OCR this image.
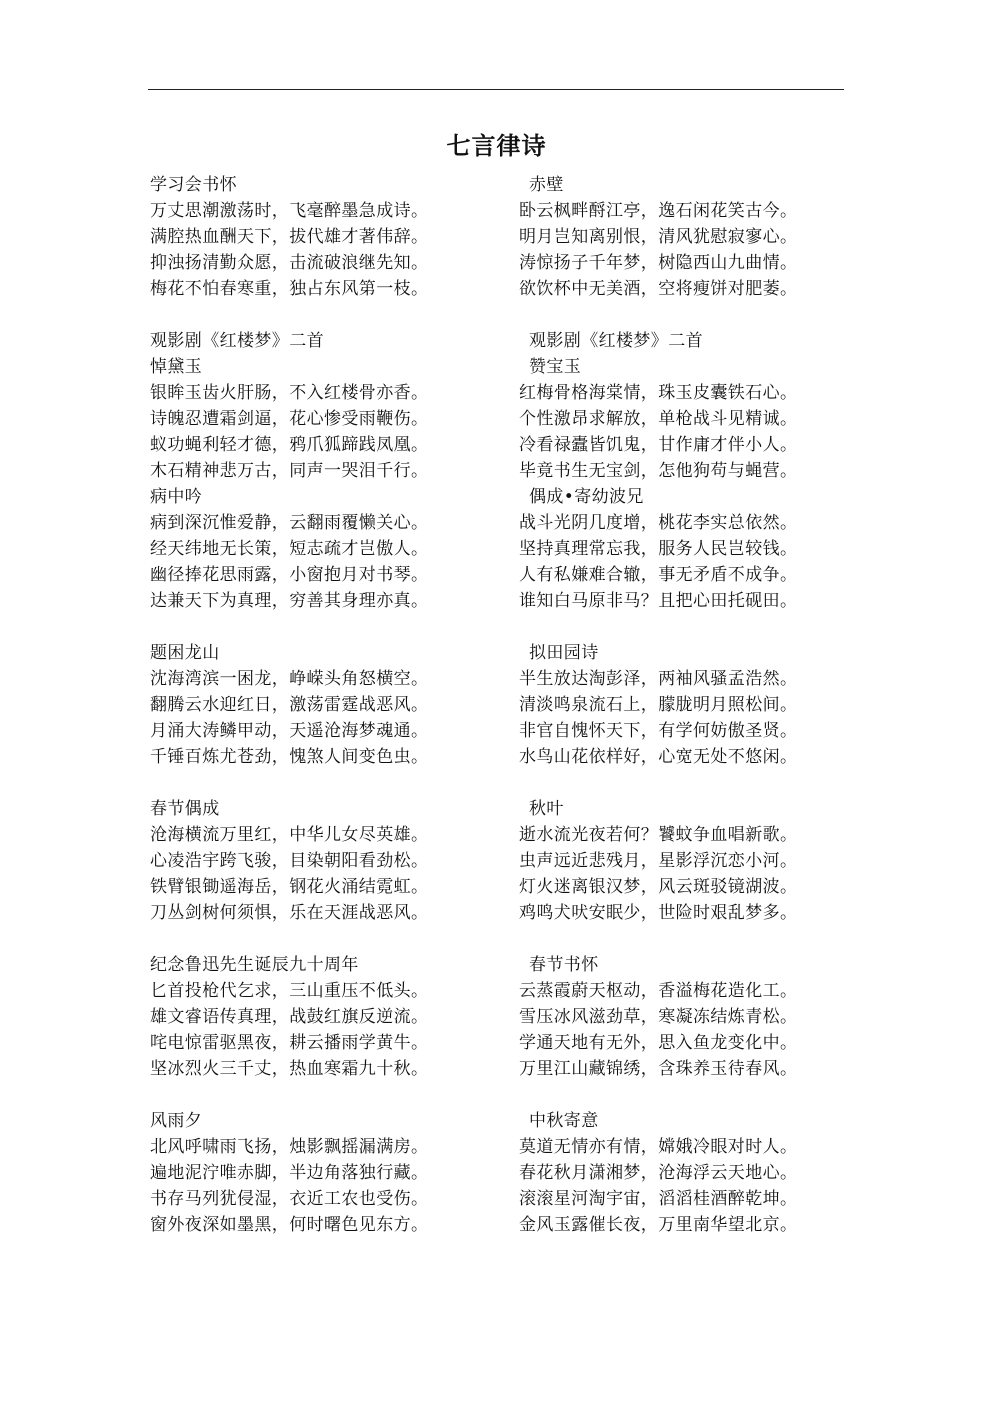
七言律诗
学习会书怀
万丈思潮激荡时，飞毫醉墨急成诗。
满腔热血酬天下，拔代雄才著伟辞。
抑浊扬清勤众愿，击流破浪继先知。
梅花不怕春寒重，独占东风第一枝。
观影剧《红楼梦》二首
悼黛玉
银眸玉齿火肝肠，不入红楼骨亦香。
诗魄忍遭霜剑逼，花心惨受雨鞭伤。
蚁功蝇利轻才德，鸦爪狐蹄践凤凰。
木石精神悲万古，同声一哭泪千行。
病中吟
病到深沉惟爱静，云翻雨覆懒关心。
经天纬地无长策，短志疏才岂傲人。
幽径捧花思雨露，小窗抱月对书琴。
达兼天下为真理，穷善其身理亦真。
题困龙山
沈海湾滨一困龙，峥嵘头角怒横空。
翻腾云水迎红日，激荡雷霆战恶风。
月涌大涛鳞甲动，天遥沧海梦魂通。
千锤百炼尤苍劲，愧煞人间变色虫。
春节偶成
沧海横流万里红，中华儿女尽英雄。
心凌浩宇跨飞骏，目染朝阳看劲松。
铁臂银锄遥海岳，钢花火涌结霓虹。
刀丛剑树何须惧，乐在天涯战恶风。
纪念鲁迅先生诞辰九十周年
匕首投枪代乞求，三山重压不低头。
雄文睿语传真理，战鼓红旗反逆流。
咤电惊雷驱黑夜，耕云播雨学黄牛。
坚冰烈火三千丈，热血寒霜九十秋。
风雨夕
北风呼啸雨飞扬，烛影飘摇漏满房。
遍地泥泞唯赤脚，半边角落独行藏。
书存马列犹侵湿，衣近工农也受伤。
窗外夜深如墨黑，何时曙色见东方。
赤壁
卧云枫畔酹江亭，逸石闲花笑古今。
明月岂知离别恨，清风犹慰寂寥心。
涛惊扬子千年梦，树隐西山九曲情。
欲饮杯中无美酒，空将瘦饼对肥萎。
观影剧《红楼梦》二首
赞宝玉
红梅骨格海棠情，珠玉皮囊铁石心。
个性激昂求解放，单枪战斗见精诚。
冷看禄蠹皆饥鬼，甘作庸才伴小人。
毕竟书生无宝剑，怎他狗苟与蝇营。
偶成•寄幼波兄
战斗光阴几度增，桃花李实总依然。
坚持真理常忘我，服务人民岂较钱。
人有私嫌难合辙，事无矛盾不成争。
谁知白马原非马？且把心田托砚田。
拟田园诗
半生放达淘彭泽，两袖风骚孟浩然。
清淡鸣泉流石上，朦胧明月照松间。
非官自愧怀天下，有学何妨傲圣贤。
水鸟山花依样好，心宽无处不悠闲。
秋叶
逝水流光夜若何？饕蚊争血唱新歌。
虫声远近悲残月，星影浮沉恋小河。
灯火迷离银汉梦，风云斑驳镜湖波。
鸡鸣犬吠安眠少，世险时艰乱梦多。
春节书怀
云蒸霞蔚天枢动，香溢梅花造化工。
雪压冰风滋劲草，寒凝冻结炼青松。
学通天地有无外，思入鱼龙变化中。
万里江山藏锦绣，含珠养玉待春风。
中秋寄意
莫道无情亦有情，嫦娥冷眼对时人。
春花秋月潇湘梦，沧海浮云天地心。
滚滚星河淘宇宙，滔滔桂酒醉乾坤。
金风玉露催长夜，万里南华望北京。
